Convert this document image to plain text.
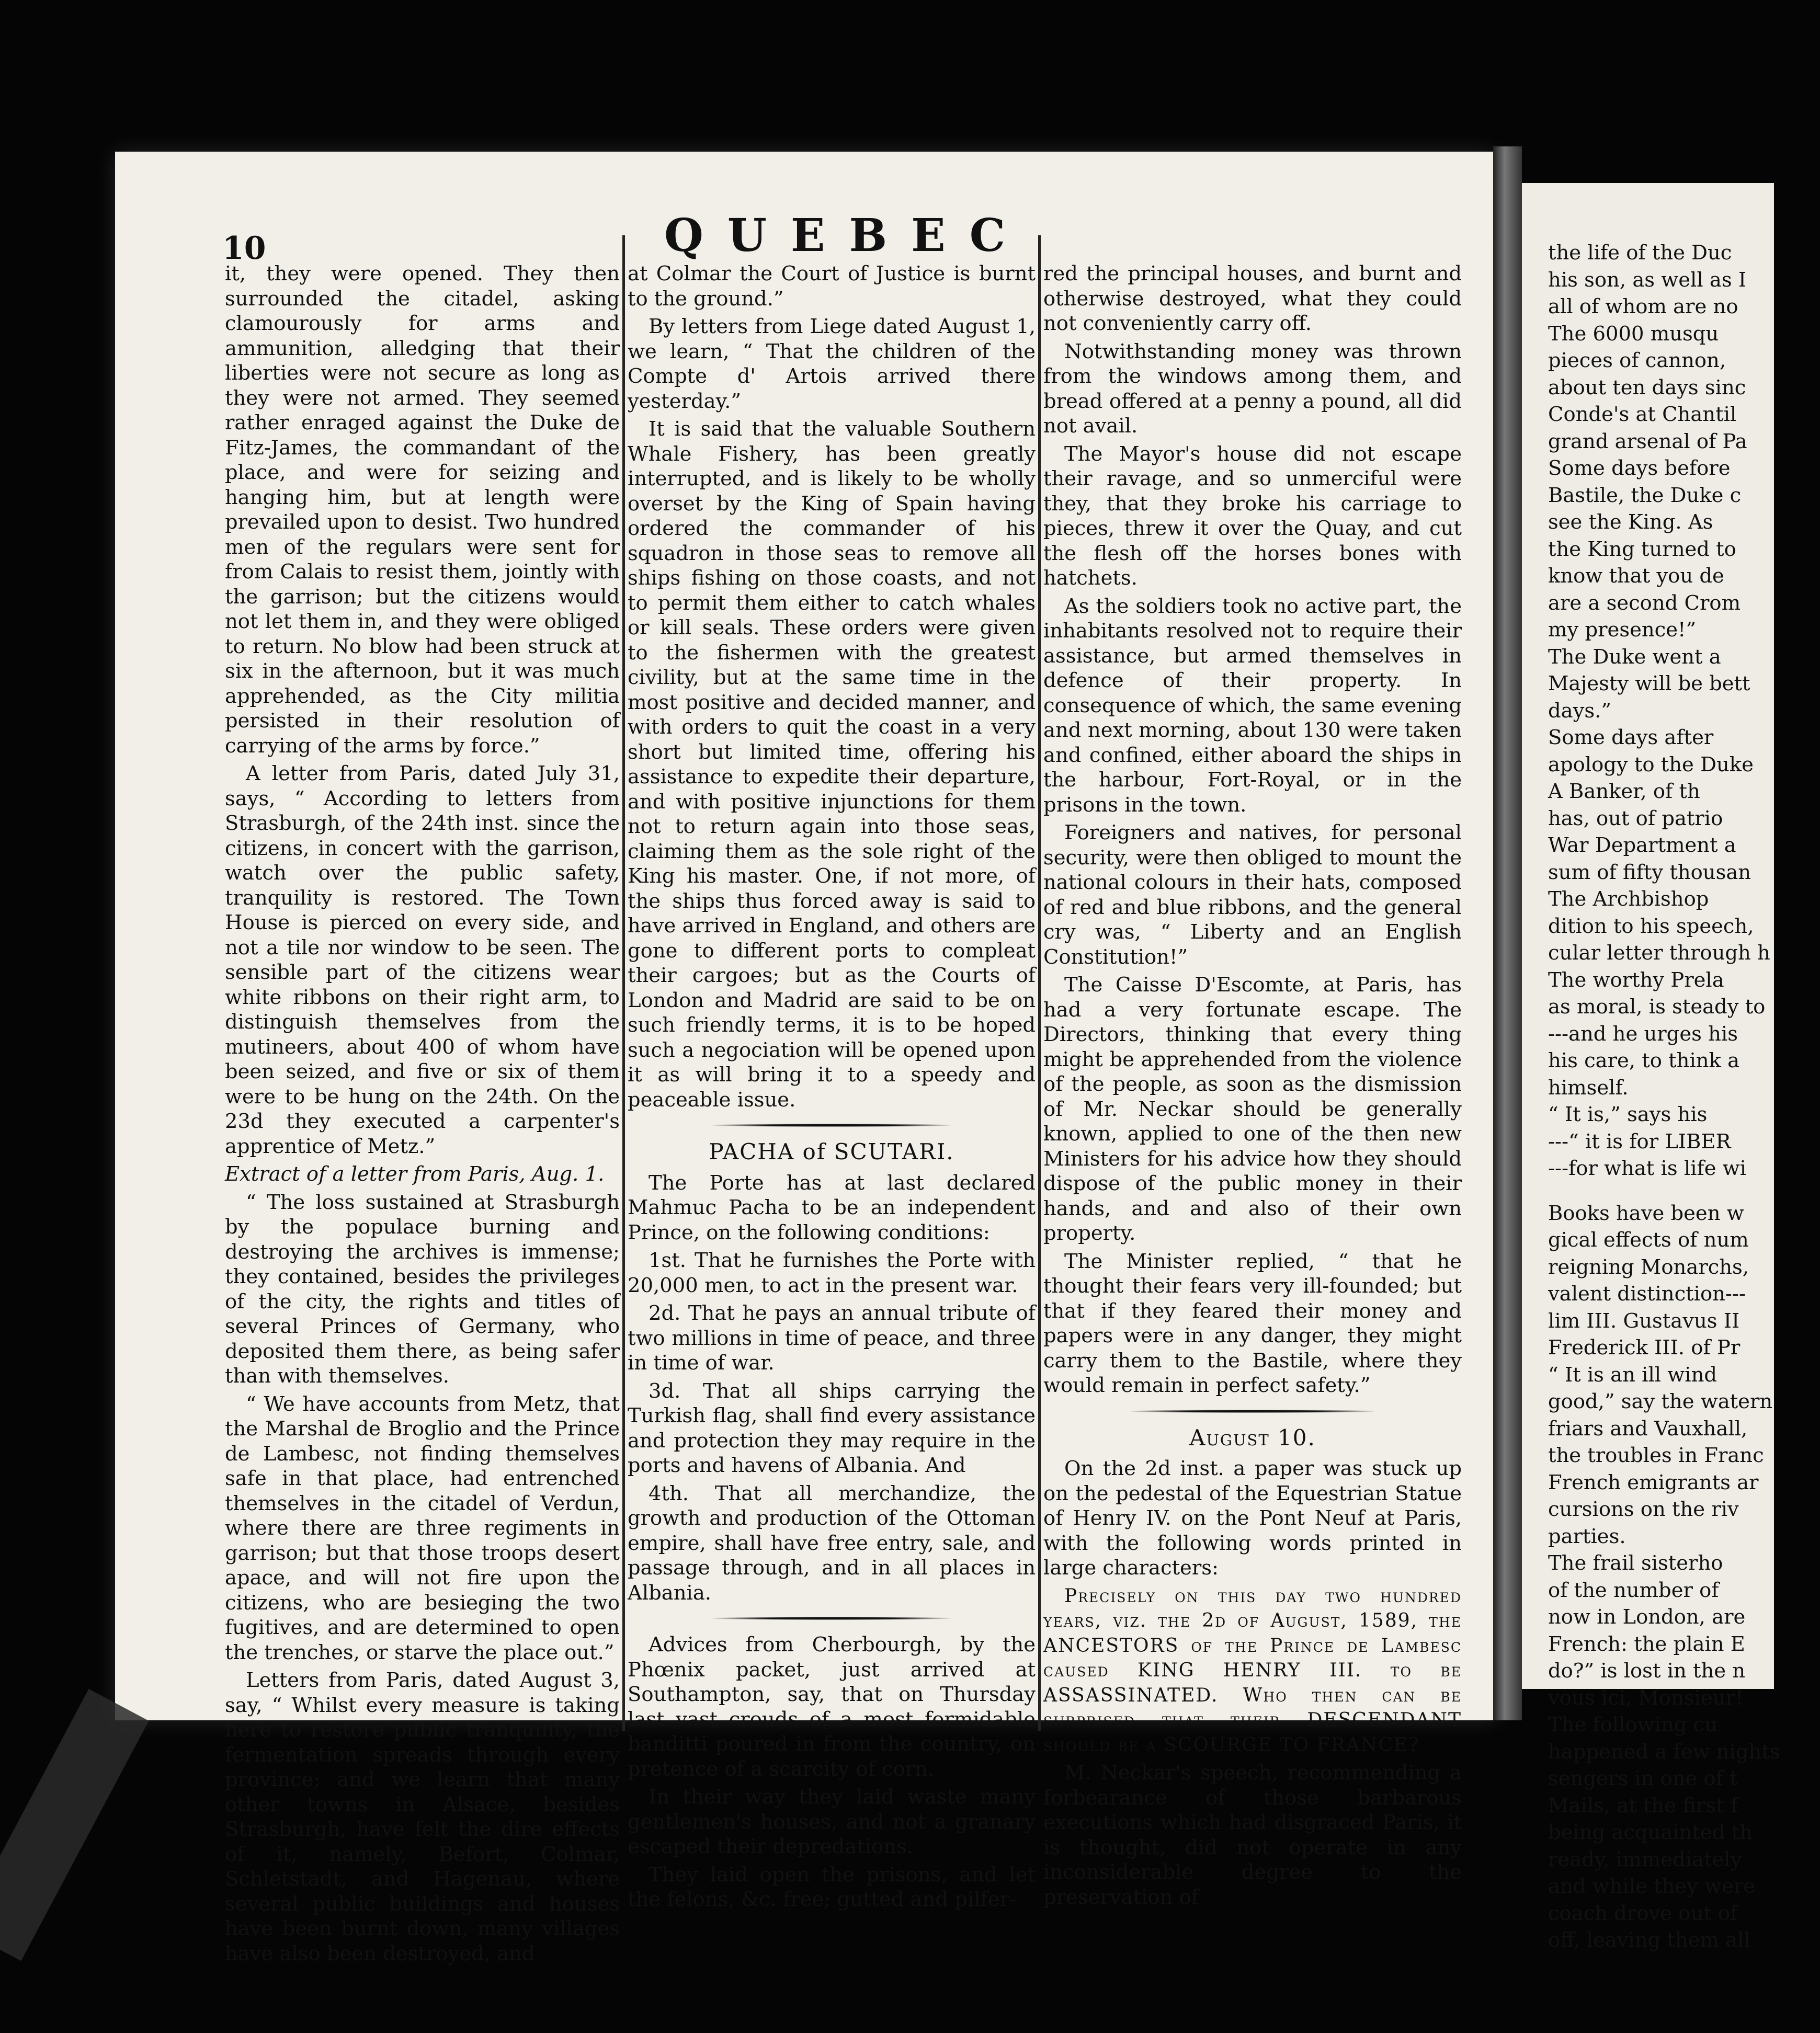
10	QUEBEC

it, they were opened. They then surrounded the citadel, asking clamourously for arms and ammunition, alledging that their liberties were not secure as long as they were not armed. They seemed rather enraged against the Duke de Fitz-James, the commandant of the place, and were for seizing and hanging him, but at length were prevailed upon to desist. Two hundred men of the regulars were sent for from Calais to resist them, jointly with the garrison; but the citizens would not let them in, and they were obliged to return. No blow had been struck at six in the afternoon, but it was much apprehended, as the City militia persisted in their resolution of carrying of the arms by force.”

A letter from Paris, dated July 31, says, “ According to letters from Strasburgh, of the 24th inst. since the citizens, in concert with the garrison, watch over the public safety, tranquility is restored. The Town House is pierced on every side, and not a tile nor window to be seen. The sensible part of the citizens wear white ribbons on their right arm, to distinguish themselves from the mutineers, about 400 of whom have been seized, and five or six of them were to be hung on the 24th. On the 23d they executed a carpenter's apprentice of Metz.”

Extract of a letter from Paris, Aug. 1.

“ The loss sustained at Strasburgh by the populace burning and destroying the archives is immense; they contained, besides the privileges of the city, the rights and titles of several Princes of Germany, who deposited them there, as being safer than with themselves.

“ We have accounts from Metz, that the Marshal de Broglio and the Prince de Lambesc, not finding themselves safe in that place, had entrenched themselves in the citadel of Verdun, where there are three regiments in garrison; but that those troops desert apace, and will not fire upon the citizens, who are besieging the two fugitives, and are determined to open the trenches, or starve the place out.”

Letters from Paris, dated August 3, say, “ Whilst every measure is taking here to restore public tranquility, the fermentation spreads through every province; and we learn that many other towns in Alsace, besides Strasburgh, have felt the dire effects of it, namely, Befort, Colmar, Schletstadt, and Hagenau, where several public buildings and houses have been burnt down, many villages have also been destroyed, and

at Colmar the Court of Justice is burnt to the ground.”

By letters from Liege dated August 1, we learn, “ That the children of the Compte d' Artois arrived there yesterday.”

It is said that the valuable Southern Whale Fishery, has been greatly interrupted, and is likely to be wholly overset by the King of Spain having ordered the commander of his squadron in those seas to remove all ships fishing on those coasts, and not to permit them either to catch whales or kill seals. These orders were given to the fishermen with the greatest civility, but at the same time in the most positive and decided manner, and with orders to quit the coast in a very short but limited time, offering his assistance to expedite their departure, and with positive injunctions for them not to return again into those seas, claiming them as the sole right of the King his master. One, if not more, of the ships thus forced away is said to have arrived in England, and others are gone to different ports to compleat their cargoes; but as the Courts of London and Madrid are said to be on such friendly terms, it is to be hoped such a negociation will be opened upon it as will bring it to a speedy and peaceable issue.

PACHA of SCUTARI.

The Porte has at last declared Mahmuc Pacha to be an independent Prince, on the following conditions:

1st. That he furnishes the Porte with 20,000 men, to act in the present war.

2d. That he pays an annual tribute of two millions in time of peace, and three in time of war.

3d. That all ships carrying the Turkish flag, shall find every assistance and protection they may require in the ports and havens of Albania. And

4th. That all merchandize, the growth and production of the Ottoman empire, shall have free entry, sale, and passage through, and in all places in Albania.

Advices from Cherbourgh, by the Phœnix packet, just arrived at Southampton, say, that on Thursday last vast crouds of a most formidable banditti poured in from the country, on pretence of a scarcity of corn.

In their way they laid waste many gentlemen's houses, and not a granary escaped their depredations.

They laid open the prisons, and let the felons, &c. free; gutted and pilfer-

red the principal houses, and burnt and otherwise destroyed, what they could not conveniently carry off.

Notwithstanding money was thrown from the windows among them, and bread offered at a penny a pound, all did not avail.

The Mayor's house did not escape their ravage, and so unmerciful were they, that they broke his carriage to pieces, threw it over the Quay, and cut the flesh off the horses bones with hatchets.

As the soldiers took no active part, the inhabitants resolved not to require their assistance, but armed themselves in defence of their property. In consequence of which, the same evening and next morning, about 130 were taken and confined, either aboard the ships in the harbour, Fort-Royal, or in the prisons in the town.

Foreigners and natives, for personal security, were then obliged to mount the national colours in their hats, composed of red and blue ribbons, and the general cry was, “ Liberty and an English Constitution!”

The Caisse D'Escomte, at Paris, has had a very fortunate escape. The Directors, thinking that every thing might be apprehended from the violence of the people, as soon as the dismission of Mr. Neckar should be generally known, applied to one of the then new Ministers for his advice how they should dispose of the public money in their hands, and and also of their own property.

The Minister replied, “ that he thought their fears very ill-founded; but that if they feared their money and papers were in any danger, they might carry them to the Bastile, where they would remain in perfect safety.”

August 10.

On the 2d inst. a paper was stuck up on the pedestal of the Equestrian Statue of Henry IV. on the Pont Neuf at Paris, with the following words printed in large characters:

Precisely on this day two hundred years, viz. the 2d of August, 1589, the ANCESTORS of the Prince de Lambesc caused KING HENRY III. to be ASSASSINATED. Who then can be surprised that their DESCENDANT should be a SCOURGE TO FRANCE?

M. Neckar's speech, recommending a forbearance of those barbarous executions which had disgraced Paris, it is thought, did not operate in any inconsiderable degree to the preservation of

the life of the Duc

his son, as well as I

all of whom are no

The 6000 musqu

pieces of cannon,

about ten days sinc

Conde's at Chantil

grand arsenal of Pa

Some days before

Bastile, the Duke c

see the King. As

the King turned to

know that you de

are a second Crom

my presence!”

The Duke went a

Majesty will be bett

days.”

Some days after

apology to the Duke

A Banker, of th

has, out of patrio

War Department a

sum of fifty thousan

The Archbishop

dition to his speech,

cular letter through h

The worthy Prela

as moral, is steady to

---and he urges his

his care, to think a

himself.

“ It is,” says his

---“ it is for LIBER

---for what is life wi

Books have been w

gical effects of num

reigning Monarchs,

valent distinction---

lim III. Gustavus II

Frederick III. of Pr

“ It is an ill wind

good,” say the watern

friars and Vauxhall,

the troubles in Franc

French emigrants ar

cursions on the riv

parties.

The frail sisterho

of the number of

now in London, are

French: the plain E

do?” is lost in the n

vous ici, Monsieur!

The following cu

happened a few nights

sengers in one of t

Mails, at the first f

being acquainted th

ready, immediately

and while they were

coach drove out of

off, leaving them all
